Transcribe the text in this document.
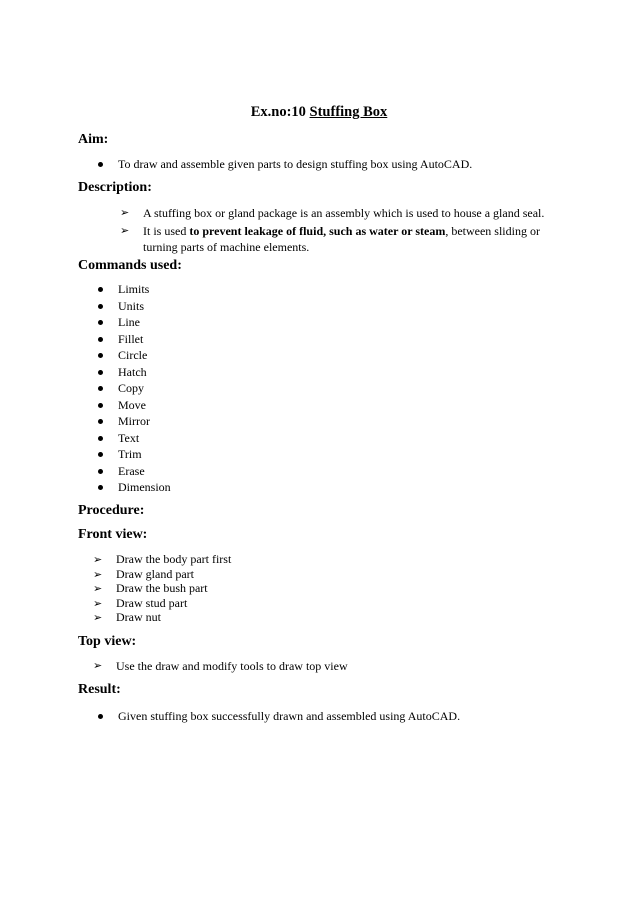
Ex.no:10 Stuffing Box
Aim:
To draw and assemble given parts to design stuffing box using AutoCAD.
Description:
➢ A stuffing box or gland package is an assembly which is used to house a gland seal.
➢ It is used to prevent leakage of fluid, such as water or steam, between sliding or turning parts of machine elements.
Commands used:
Limits
Units
Line
Fillet
Circle
Hatch
Copy
Move
Mirror
Text
Trim
Erase
Dimension
Procedure:
Front view:
➢ Draw the body part first
➢ Draw gland part
➢ Draw the bush part
➢ Draw stud part
➢ Draw nut
Top view:
➢ Use the draw and modify tools to draw top view
Result:
Given stuffing box successfully drawn and assembled using AutoCAD.
